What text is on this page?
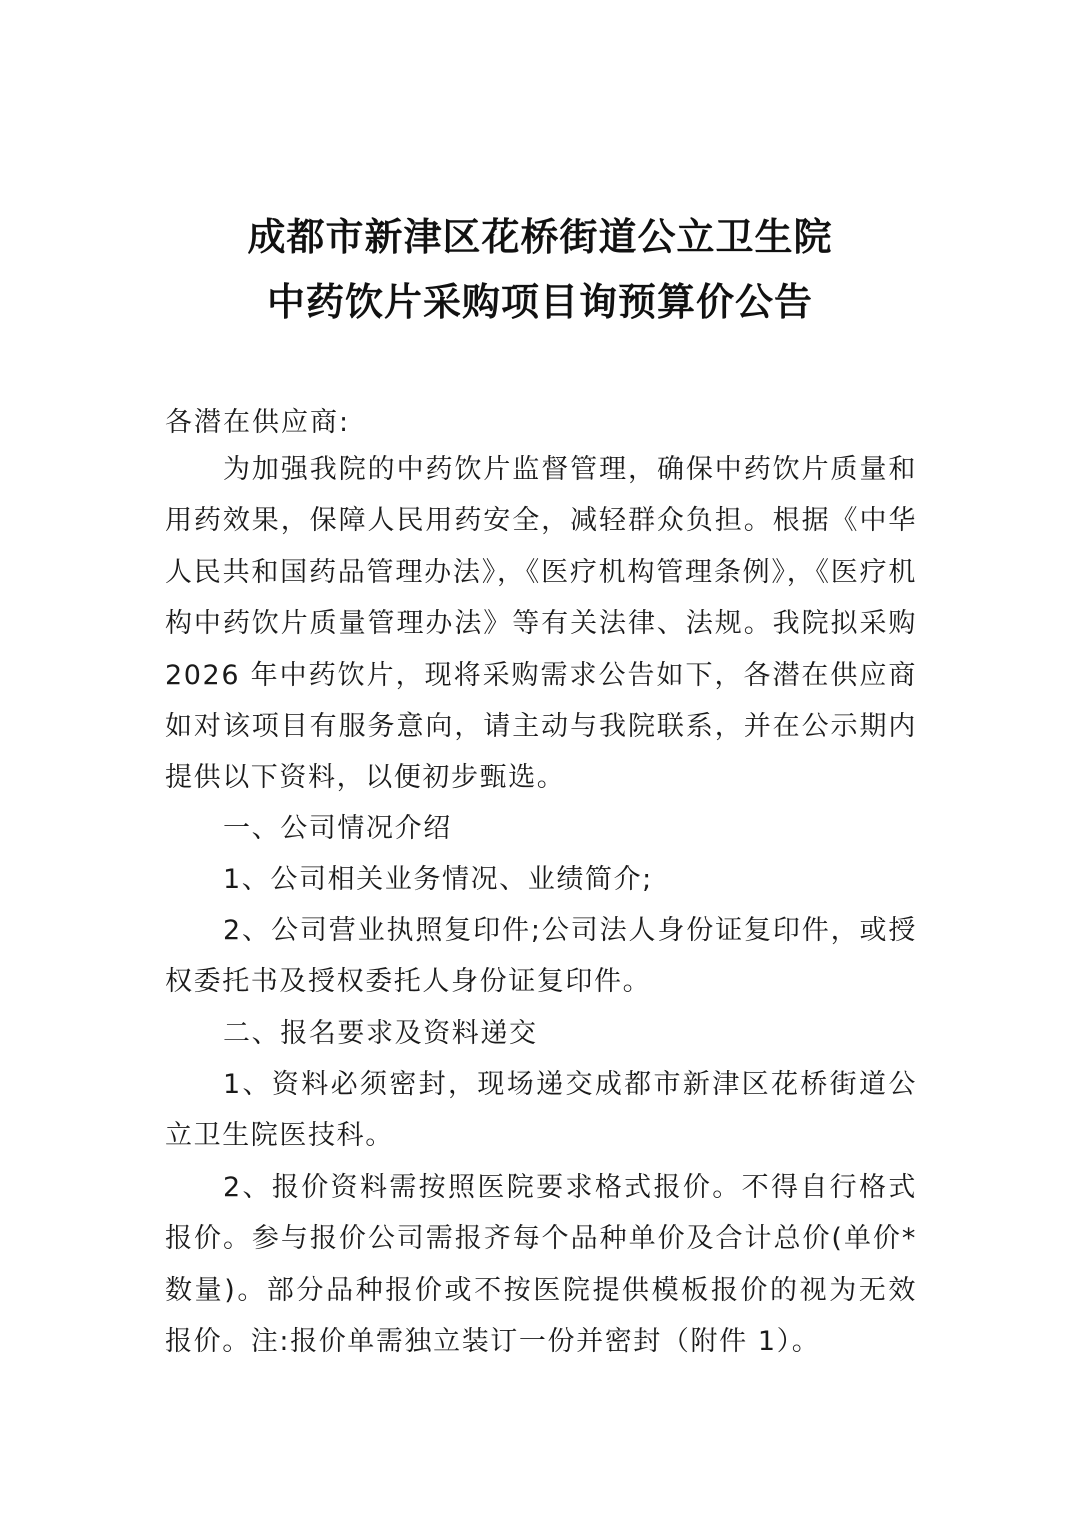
成都市新津区花桥街道公立卫生院
中药饮片采购项目询预算价公告
各潜在供应商:
为加强我院的中药饮片监督管理，确保中药饮片质量和用药效果，保障人民用药安全，减轻群众负担。根据《中华人民共和国药品管理办法》，《医疗机构管理条例》，《医疗机构中药饮片质量管理办法》等有关法律、法规。我院拟采购 2026 年中药饮片，现将采购需求公告如下，各潜在供应商如对该项目有服务意向，请主动与我院联系，并在公示期内提供以下资料，以便初步甄选。
一、公司情况介绍
1、公司相关业务情况、业绩简介;
2、公司营业执照复印件;公司法人身份证复印件，或授权委托书及授权委托人身份证复印件。
二、报名要求及资料递交
1、资料必须密封，现场递交成都市新津区花桥街道公立卫生院医技科。
2、报价资料需按照医院要求格式报价。不得自行格式报价。参与报价公司需报齐每个品种单价及合计总价(单价*数量)。部分品种报价或不按医院提供模板报价的视为无效报价。注:报价单需独立装订一份并密封（附件 1）。
